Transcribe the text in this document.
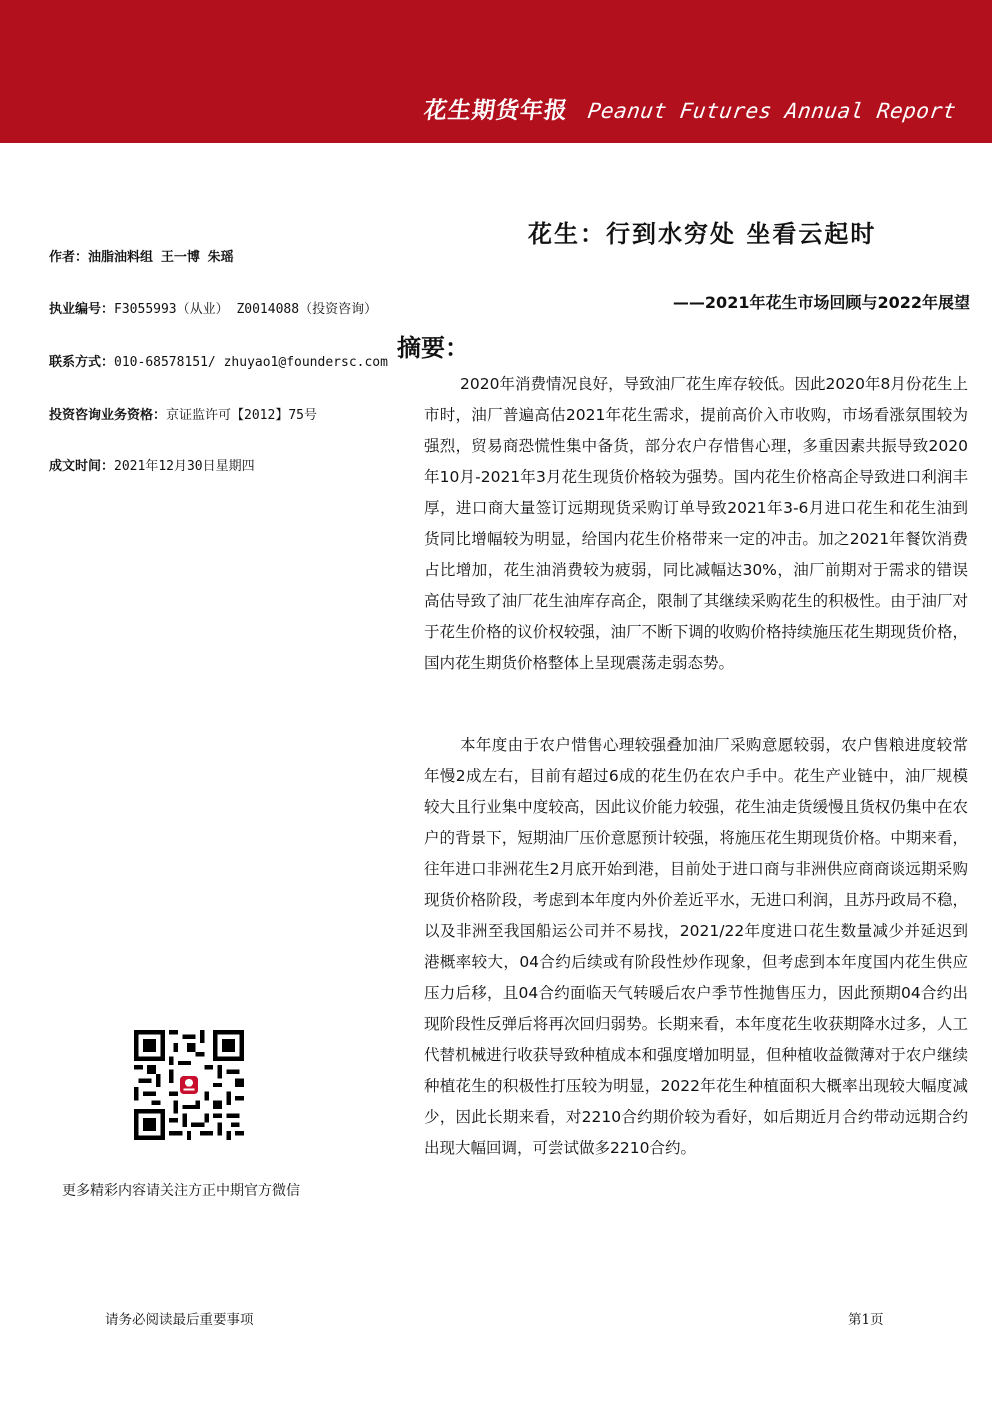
花生期货年报 Peanut Futures Annual Report
作者：油脂油料组 王一博 朱瑶
执业编号：F3055993（从业） Z0014088（投资咨询）
联系方式：010-68578151/ zhuyao1@foundersc.com
投资咨询业务资格：京证监许可【2012】75号
成文时间：2021年12月30日星期四
花生：行到水穷处 坐看云起时
——2021年花生市场回顾与2022年展望
摘要：

2020年消费情况良好，导致油厂花生库存较低。因此2020年8月份花生上市时，油厂普遍高估2021年花生需求，提前高价入市收购，市场看涨氛围较为强烈，贸易商恐慌性集中备货，部分农户存惜售心理，多重因素共振导致2020年10月-2021年3月花生现货价格较为强势。国内花生价格高企导致进口利润丰厚，进口商大量签订远期现货采购订单导致2021年3-6月进口花生和花生油到货同比增幅较为明显，给国内花生价格带来一定的冲击。加之2021年餐饮消费占比增加，花生油消费较为疲弱，同比减幅达30%，油厂前期对于需求的错误高估导致了油厂花生油库存高企，限制了其继续采购花生的积极性。由于油厂对于花生价格的议价权较强，油厂不断下调的收购价格持续施压花生期现货价格，国内花生期货价格整体上呈现震荡走弱态势。

本年度由于农户惜售心理较强叠加油厂采购意愿较弱，农户售粮进度较常年慢2成左右，目前有超过6成的花生仍在农户手中。花生产业链中，油厂规模较大且行业集中度较高，因此议价能力较强，花生油走货缓慢且货权仍集中在农户的背景下，短期油厂压价意愿预计较强，将施压花生期现货价格。中期来看，往年进口非洲花生2月底开始到港，目前处于进口商与非洲供应商商谈远期采购现货价格阶段，考虑到本年度内外价差近平水，无进口利润，且苏丹政局不稳，以及非洲至我国船运公司并不易找，2021/22年度进口花生数量减少并延迟到港概率较大，04合约后续或有阶段性炒作现象，但考虑到本年度国内花生供应压力后移，且04合约面临天气转暖后农户季节性抛售压力，因此预期04合约出现阶段性反弹后将再次回归弱势。长期来看，本年度花生收获期降水过多，人工代替机械进行收获导致种植成本和强度增加明显，但种植收益微薄对于农户继续种植花生的积极性打压较为明显，2022年花生种植面积大概率出现较大幅度减少，因此长期来看，对2210合约期价较为看好，如后期近月合约带动远期合约出现大幅回调，可尝试做多2210合约。

更多精彩内容请关注方正中期官方微信
请务必阅读最后重要事项	第1页
